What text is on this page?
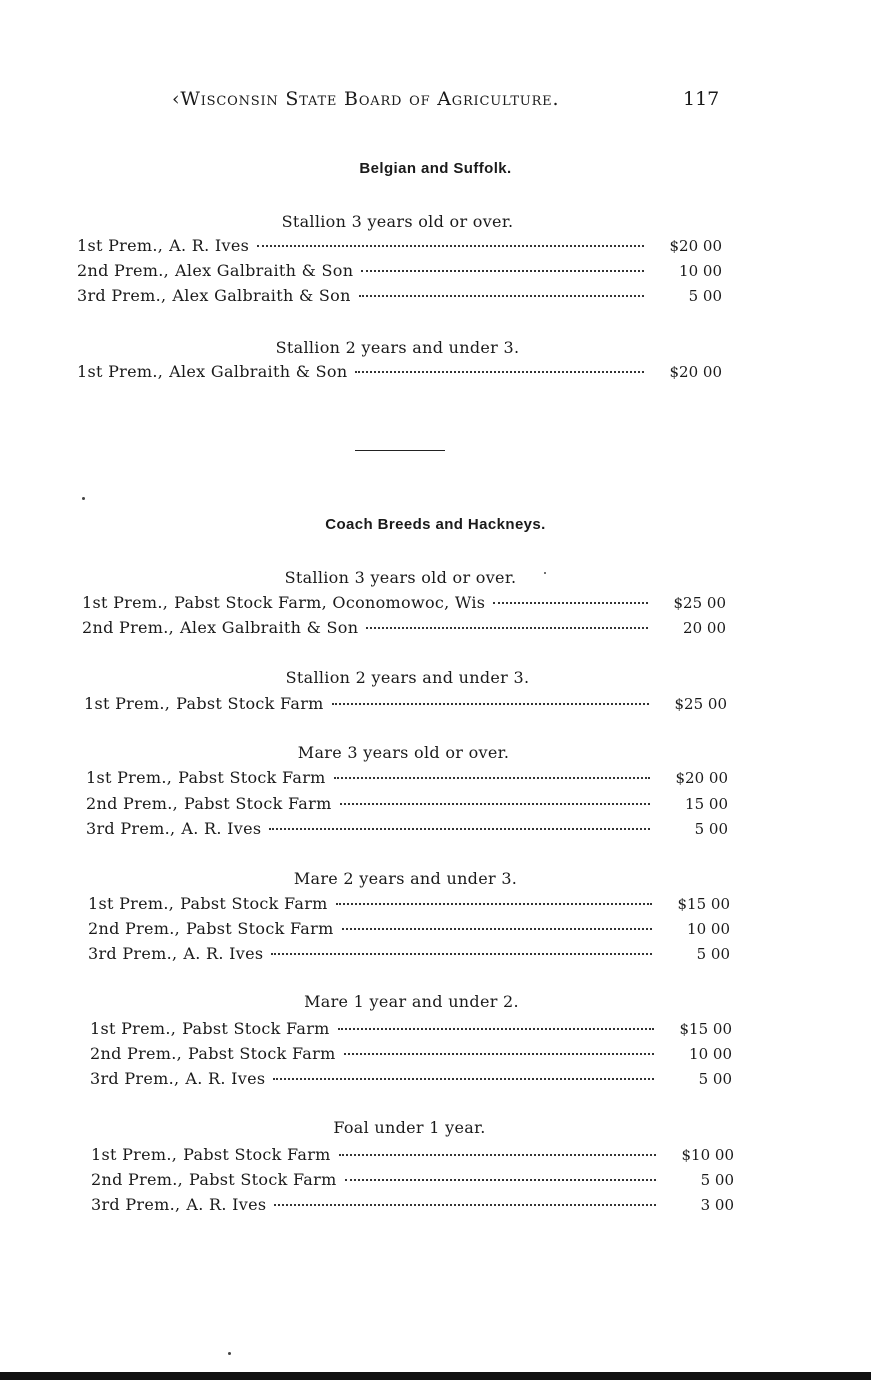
‹Wisconsin State Board of Agriculture.	117
Belgian and Suffolk.
Stallion 3 years old or over.
1st Prem., A. R. Ives	$20 00
2nd Prem., Alex Galbraith & Son	10 00
3rd Prem., Alex Galbraith & Son	5 00
Stallion 2 years and under 3.
1st Prem., Alex Galbraith & Son	$20 00
Coach Breeds and Hackneys.
Stallion 3 years old or over.
1st Prem., Pabst Stock Farm, Oconomowoc, Wis	$25 00
2nd Prem., Alex Galbraith & Son	20 00
Stallion 2 years and under 3.
1st Prem., Pabst Stock Farm	$25 00
Mare 3 years old or over.
1st Prem., Pabst Stock Farm	$20 00
2nd Prem., Pabst Stock Farm	15 00
3rd Prem., A. R. Ives	5 00
Mare 2 years and under 3.
1st Prem., Pabst Stock Farm	$15 00
2nd Prem., Pabst Stock Farm	10 00
3rd Prem., A. R. Ives	5 00
Mare 1 year and under 2.
1st Prem., Pabst Stock Farm	$15 00
2nd Prem., Pabst Stock Farm	10 00
3rd Prem., A. R. Ives	5 00
Foal under 1 year.
1st Prem., Pabst Stock Farm	$10 00
2nd Prem., Pabst Stock Farm	5 00
3rd Prem., A. R. Ives	3 00
